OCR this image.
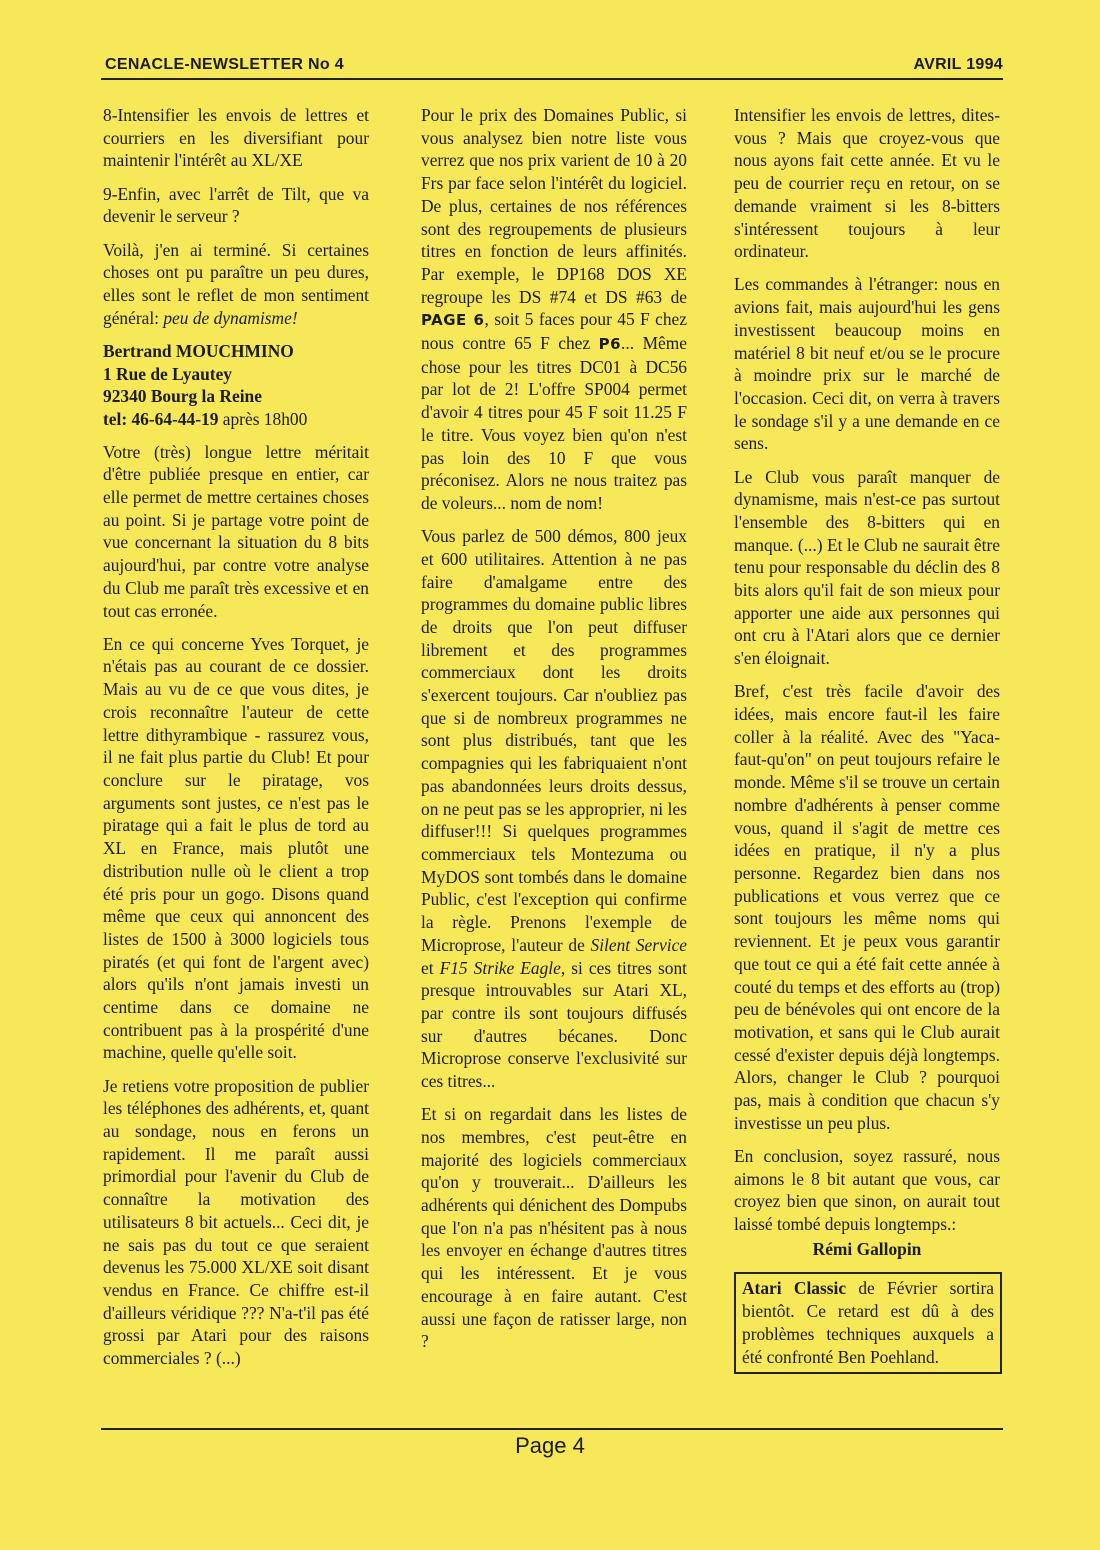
CENACLE-NEWSLETTER No 4	AVRIL 1994

8-Intensifier les envois de lettres et courriers en les diversifiant pour maintenir l'intérêt au XL/XE

9-Enfin, avec l'arrêt de Tilt, que va devenir le serveur ?

Voilà, j'en ai terminé. Si certaines choses ont pu paraître un peu dures, elles sont le reflet de mon sentiment général: peu de dynamisme!

Bertrand MOUCHMINO

1 Rue de Lyautey

92340 Bourg la Reine

tel: 46-64-44-19 après 18h00

Votre (très) longue lettre méritait d'être publiée presque en entier, car elle permet de mettre certaines choses au point. Si je partage votre point de vue concernant la situation du 8 bits aujourd'hui, par contre votre analyse du Club me paraît très excessive et en tout cas erronée.

En ce qui concerne Yves Torquet, je n'étais pas au courant de ce dossier. Mais au vu de ce que vous dites, je crois reconnaître l'auteur de cette lettre dithyrambique - rassurez vous, il ne fait plus partie du Club! Et pour conclure sur le piratage, vos arguments sont justes, ce n'est pas le piratage qui a fait le plus de tord au XL en France, mais plutôt une distribution nulle où le client a trop été pris pour un gogo. Disons quand même que ceux qui annoncent des listes de 1500 à 3000 logiciels tous piratés (et qui font de l'argent avec) alors qu'ils n'ont jamais investi un centime dans ce domaine ne contribuent pas à la prospérité d'une machine, quelle qu'elle soit.

Je retiens votre proposition de publier les téléphones des adhérents, et, quant au sondage, nous en ferons un rapidement. Il me paraît aussi primordial pour l'avenir du Club de connaître la motivation des utilisateurs 8 bit actuels... Ceci dit, je ne sais pas du tout ce que seraient devenus les 75.000 XL/XE soit disant vendus en France. Ce chiffre est-il d'ailleurs véridique ??? N'a-t'il pas été grossi par Atari pour des raisons commerciales ? (...)

Pour le prix des Domaines Public, si vous analysez bien notre liste vous verrez que nos prix varient de 10 à 20 Frs par face selon l'intérêt du logiciel. De plus, certaines de nos références sont des regroupements de plusieurs titres en fonction de leurs affinités. Par exemple, le DP168 DOS XE regroupe les DS #74 et DS #63 de PAGE 6, soit 5 faces pour 45 F chez nous contre 65 F chez P6... Même chose pour les titres DC01 à DC56 par lot de 2! L'offre SP004 permet d'avoir 4 titres pour 45 F soit 11.25 F le titre. Vous voyez bien qu'on n'est pas loin des 10 F que vous préconisez. Alors ne nous traitez pas de voleurs... nom de nom!

Vous parlez de 500 démos, 800 jeux et 600 utilitaires. Attention à ne pas faire d'amalgame entre des programmes du domaine public libres de droits que l'on peut diffuser librement et des programmes commerciaux dont les droits s'exercent toujours. Car n'oubliez pas que si de nombreux programmes ne sont plus distribués, tant que les compagnies qui les fabriquaient n'ont pas abandonnées leurs droits dessus, on ne peut pas se les approprier, ni les diffuser!!! Si quelques programmes commerciaux tels Montezuma ou MyDOS sont tombés dans le domaine Public, c'est l'exception qui confirme la règle. Prenons l'exemple de Microprose, l'auteur de Silent Service et F15 Strike Eagle, si ces titres sont presque introuvables sur Atari XL, par contre ils sont toujours diffusés sur d'autres bécanes. Donc Microprose conserve l'exclusivité sur ces titres...

Et si on regardait dans les listes de nos membres, c'est peut-être en majorité des logiciels commerciaux qu'on y trouverait... D'ailleurs les adhérents qui dénichent des Dompubs que l'on n'a pas n'hésitent pas à nous les envoyer en échange d'autres titres qui les intéressent. Et je vous encourage à en faire autant. C'est aussi une façon de ratisser large, non ?

Intensifier les envois de lettres, dites-vous ? Mais que croyez-vous que nous ayons fait cette année. Et vu le peu de courrier reçu en retour, on se demande vraiment si les 8-bitters s'intéressent toujours à leur ordinateur.

Les commandes à l'étranger: nous en avions fait, mais aujourd'hui les gens investissent beaucoup moins en matériel 8 bit neuf et/ou se le procure à moindre prix sur le marché de l'occasion. Ceci dit, on verra à travers le sondage s'il y a une demande en ce sens.

Le Club vous paraît manquer de dynamisme, mais n'est-ce pas surtout l'ensemble des 8-bitters qui en manque. (...) Et le Club ne saurait être tenu pour responsable du déclin des 8 bits alors qu'il fait de son mieux pour apporter une aide aux personnes qui ont cru à l'Atari alors que ce dernier s'en éloignait.

Bref, c'est très facile d'avoir des idées, mais encore faut-il les faire coller à la réalité. Avec des "Yaca-faut-qu'on" on peut toujours refaire le monde. Même s'il se trouve un certain nombre d'adhérents à penser comme vous, quand il s'agit de mettre ces idées en pratique, il n'y a plus personne. Regardez bien dans nos publications et vous verrez que ce sont toujours les même noms qui reviennent. Et je peux vous garantir que tout ce qui a été fait cette année à couté du temps et des efforts au (trop) peu de bénévoles qui ont encore de la motivation, et sans qui le Club aurait cessé d'exister depuis déjà longtemps. Alors, changer le Club ? pourquoi pas, mais à condition que chacun s'y investisse un peu plus.

En conclusion, soyez rassuré, nous aimons le 8 bit autant que vous, car croyez bien que sinon, on aurait tout laissé tombé depuis longtemps.:

Rémi Gallopin

Atari Classic de Février sortira bientôt. Ce retard est dû à des problèmes techniques auxquels a été confronté Ben Poehland.
Page 4
